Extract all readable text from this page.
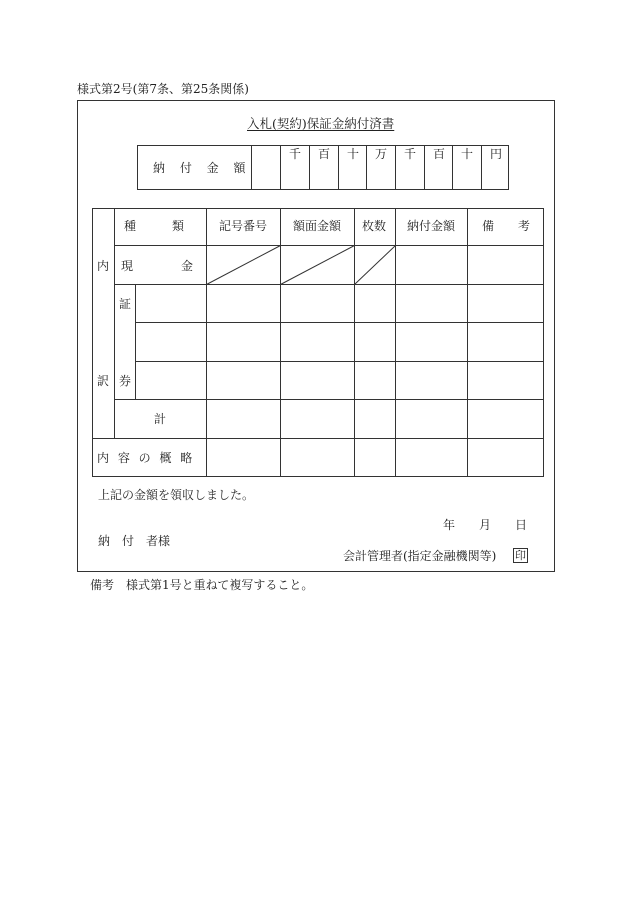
様式第2号(第7条、第25条関係)
入札(契約)保証金納付済書
納 付 金 額
千 百 十 万 千 百 十 円
種　　　類	記号番号 額面金額 枚数 納付金額 備　　考
内
訳
現　　　　金
証
券
計
内 容 の 概 略
上記の金額を領収しました。
年 月 日
納　付　者様
会計管理者(指定金融機関等) 印
備考　様式第1号と重ねて複写すること。
